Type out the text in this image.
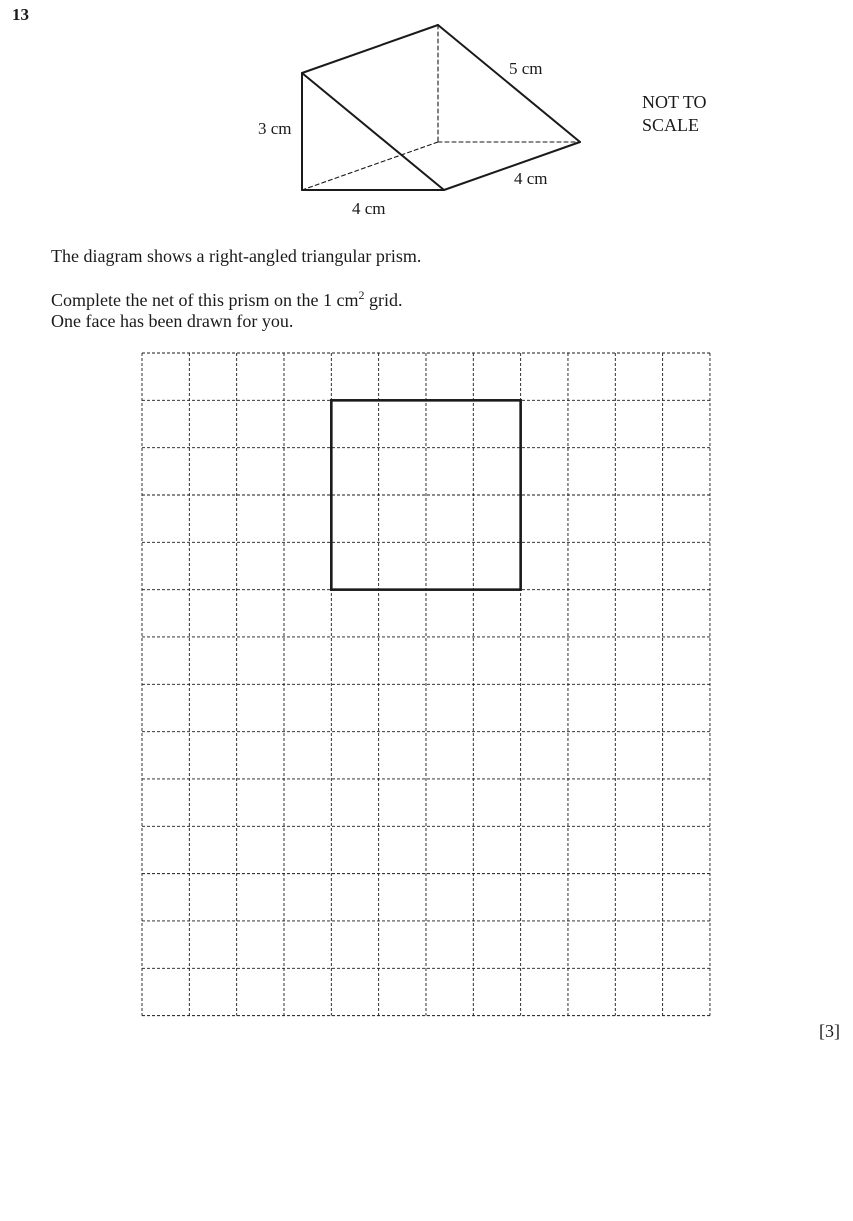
13
3 cm
4 cm
4 cm
5 cm
NOT TO
SCALE
The diagram shows a right-angled triangular prism.
Complete the net of this prism on the 1 $cm^2$ grid.
One face has been drawn for you.
[3]
